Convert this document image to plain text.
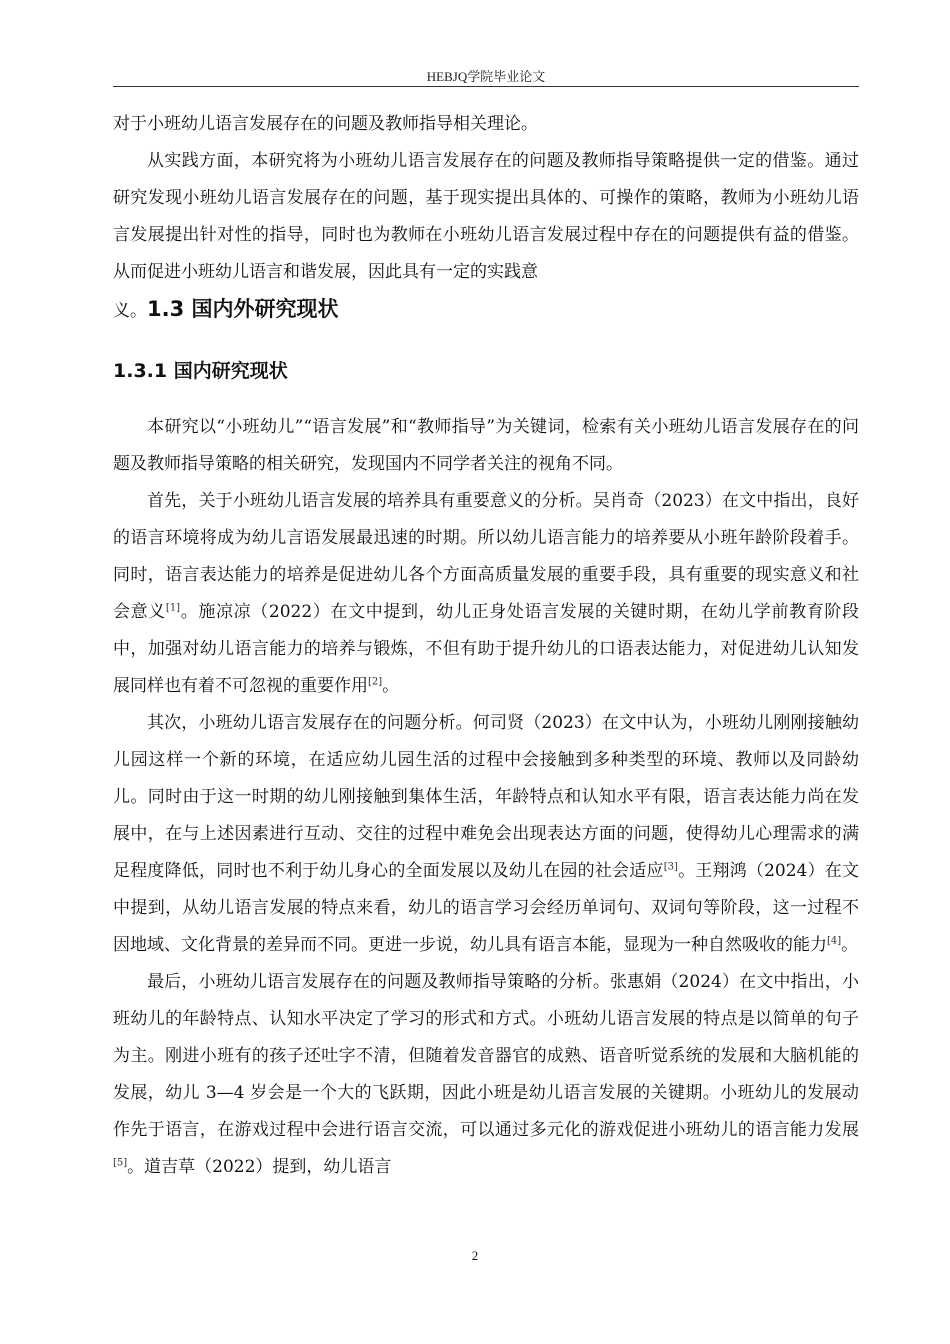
HEBJQ学院毕业论文

对于小班幼儿语言发展存在的问题及教师指导相关理论。

从实践方面，本研究将为小班幼儿语言发展存在的问题及教师指导策略提供一定的借鉴。通过研究发现小班幼儿语言发展存在的问题，基于现实提出具体的、可操作的策略，教师为小班幼儿语言发展提出针对性的指导，同时也为教师在小班幼儿语言发展过程中存在的问题提供有益的借鉴。从而促进小班幼儿语言和谐发展，因此具有一定的实践意

义。1.3 国内外研究现状
1.3.1 国内研究现状

本研究以“小班幼儿”“语言发展”和“教师指导”为关键词，检索有关小班幼儿语言发展存在的问题及教师指导策略的相关研究，发现国内不同学者关注的视角不同。

首先，关于小班幼儿语言发展的培养具有重要意义的分析。吴肖奇（2023）在文中指出，良好的语言环境将成为幼儿言语发展最迅速的时期。所以幼儿语言能力的培养要从小班年龄阶段着手。同时，语言表达能力的培养是促进幼儿各个方面高质量发展的重要手段，具有重要的现实意义和社会意义[1]。施凉凉（2022）在文中提到，幼儿正身处语言发展的关键时期，在幼儿学前教育阶段中，加强对幼儿语言能力的培养与锻炼，不但有助于提升幼儿的口语表达能力，对促进幼儿认知发展同样也有着不可忽视的重要作用[2]。

其次，小班幼儿语言发展存在的问题分析。何司贤（2023）在文中认为，小班幼儿刚刚接触幼儿园这样一个新的环境，在适应幼儿园生活的过程中会接触到多种类型的环境、教师以及同龄幼儿。同时由于这一时期的幼儿刚接触到集体生活，年龄特点和认知水平有限，语言表达能力尚在发展中，在与上述因素进行互动、交往的过程中难免会出现表达方面的问题，使得幼儿心理需求的满足程度降低，同时也不利于幼儿身心的全面发展以及幼儿在园的社会适应[3]。王翔鸿（2024）在文中提到，从幼儿语言发展的特点来看，幼儿的语言学习会经历单词句、双词句等阶段，这一过程不因地域、文化背景的差异而不同。更进一步说，幼儿具有语言本能，显现为一种自然吸收的能力[4]。

最后，小班幼儿语言发展存在的问题及教师指导策略的分析。张惠娟（2024）在文中指出，小班幼儿的年龄特点、认知水平决定了学习的形式和方式。小班幼儿语言发展的特点是以简单的句子为主。刚进小班有的孩子还吐字不清，但随着发音器官的成熟、语音听觉系统的发展和大脑机能的发展，幼儿 3—4 岁会是一个大的飞跃期，因此小班是幼儿语言发展的关键期。小班幼儿的发展动作先于语言，在游戏过程中会进行语言交流，可以通过多元化的游戏促进小班幼儿的语言能力发展[5]。道吉草（2022）提到，幼儿语言

2
